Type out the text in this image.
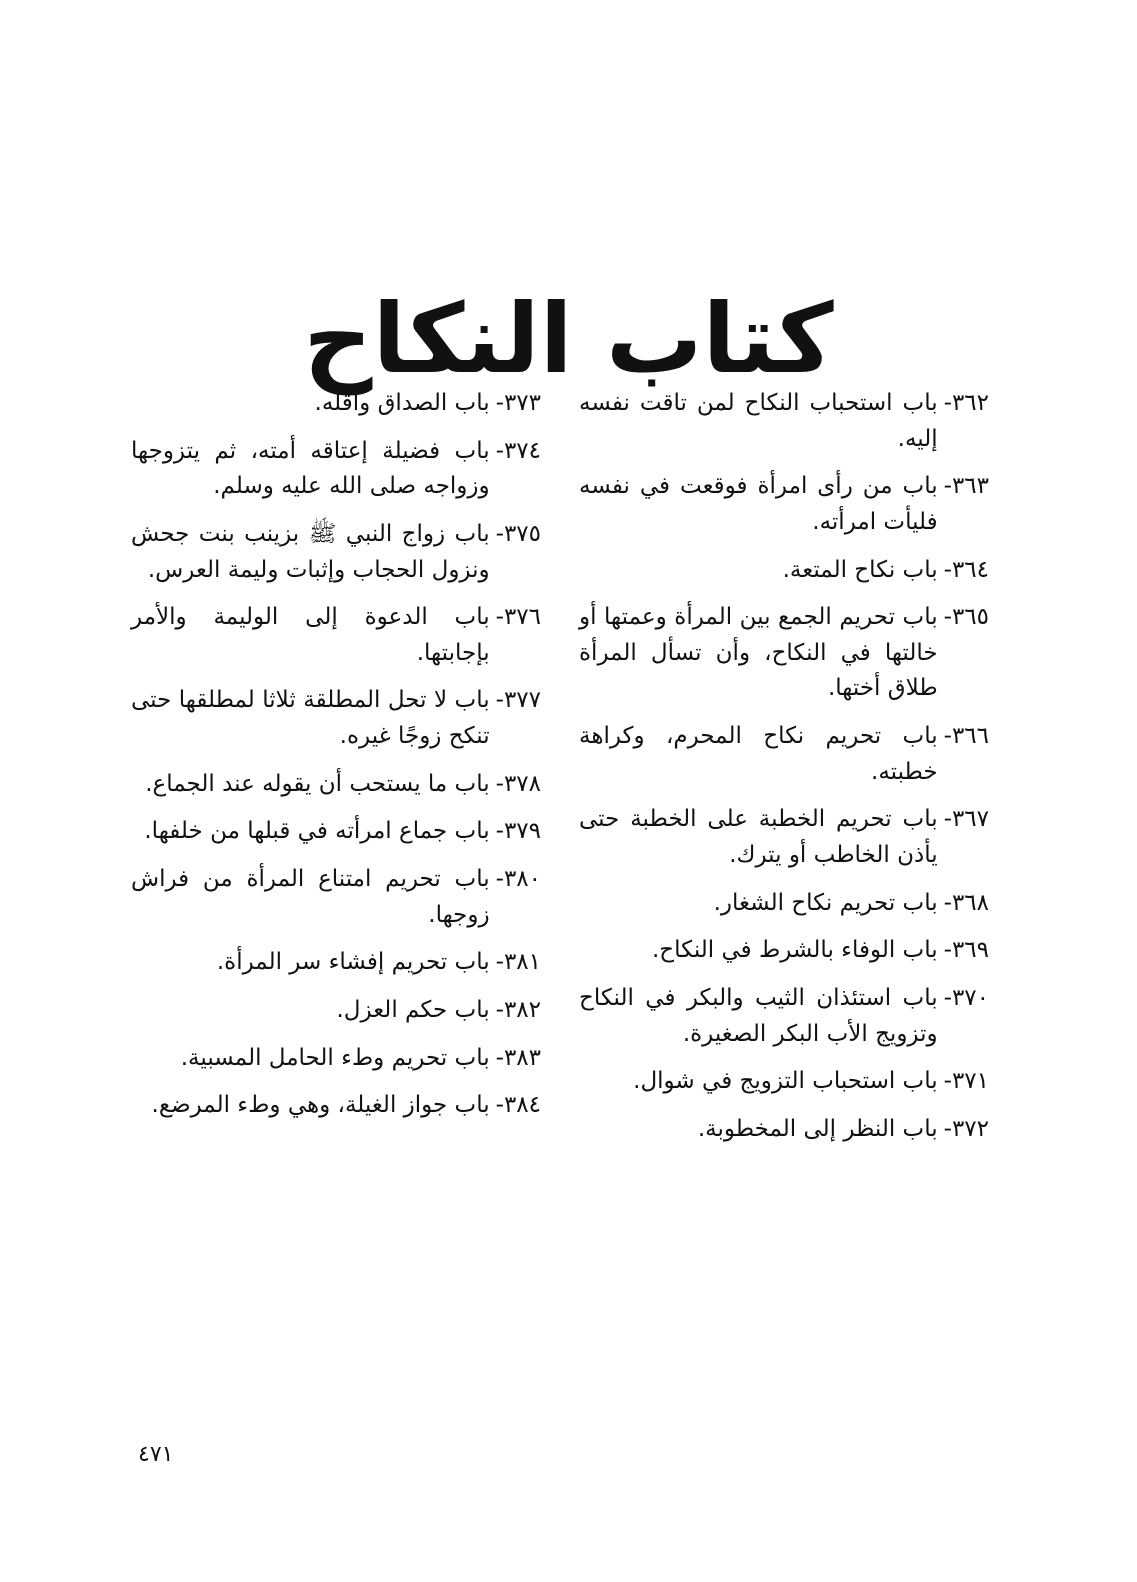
كتاب النكاح
٣٦٢-
باب استحباب النكاح لمن تاقت نفسه إليه.
٣٦٣-
باب من رأى امرأة فوقعت في نفسه فليأت امرأته.
٣٦٤-
باب نكاح المتعة.
٣٦٥-
باب تحريم الجمع بين المرأة وعمتها أو خالتها في النكاح، وأن تسأل المرأة طلاق أختها.
٣٦٦-
باب تحريم نكاح المحرم، وكراهة خطبته.
٣٦٧-
باب تحريم الخطبة على الخطبة حتى يأذن الخاطب أو يترك.
٣٦٨-
باب تحريم نكاح الشغار.
٣٦٩-
باب الوفاء بالشرط في النكاح.
٣٧٠-
باب استئذان الثيب والبكر في النكاح وتزويج الأب البكر الصغيرة.
٣٧١-
باب استحباب التزويج في شوال.
٣٧٢-
باب النظر إلى المخطوبة.
٣٧٣-
باب الصداق وأقله.
٣٧٤-
باب فضيلة إعتاقه أمته، ثم يتزوجها وزواجه صلى الله عليه وسلم.
٣٧٥-
باب زواج النبي ﷺ بزينب بنت جحش ونزول الحجاب وإثبات وليمة العرس.
٣٧٦-
باب الدعوة إلى الوليمة والأمر بإجابتها.
٣٧٧-
باب لا تحل المطلقة ثلاثا لمطلقها حتى تنكح زوجًا غيره.
٣٧٨-
باب ما يستحب أن يقوله عند الجماع.
٣٧٩-
باب جماع امرأته في قبلها من خلفها.
٣٨٠-
باب تحريم امتناع المرأة من فراش زوجها.
٣٨١-
باب تحريم إفشاء سر المرأة.
٣٨٢-
باب حكم العزل.
٣٨٣-
باب تحريم وطء الحامل المسبية.
٣٨٤-
باب جواز الغيلة، وهي وطء المرضع.
٤٧١
